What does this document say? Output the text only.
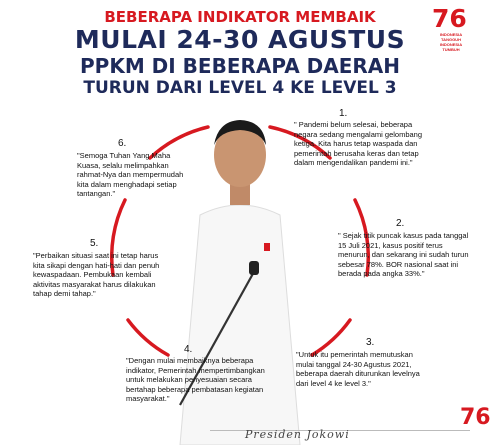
BEBERAPA INDIKATOR MEMBAIK
MULAI 24-30 AGUSTUS
PPKM DI BEBERAPA DAERAH
TURUN DARI LEVEL 4 KE LEVEL 3
76
INDONESIA
TANGGUH
INDONESIA
TUMBUH
1.
" Pandemi belum selesai, beberapa negara sedang mengalami gelombang ketiga. Kita harus tetap waspada dan pemerintah berusaha keras dan tetap dalam mengendalikan pandemi ini."
2.
" Sejak titik puncak kasus pada tanggal 15 Juli 2021, kasus positif terus menurun, dan sekarang ini sudah turun sebesar 78%. BOR nasional saat ini berada pada angka 33%."
3.
"Untuk itu pemerintah memutuskan mulai tanggal 24-30 Agustus 2021, beberapa daerah diturunkan levelnya dari level 4 ke level 3."
4.
"Dengan mulai membaiknya beberapa indikator, Pemerintah mempertimbangkan untuk melakukan penyesuaian secara bertahap beberapa pembatasan kegiatan masyarakat."
5.
"Perbaikan situasi saat ini tetap harus kita sikapi dengan hati-hati dan penuh kewaspadaan. Pembukaan kembali aktivitas masyarakat harus dilakukan tahap demi tahap."
6.
"Semoga Tuhan Yang Maha Kuasa, selalu melimpahkan rahmat-Nya dan mempermudah kita dalam menghadapi setiap tantangan."
Presiden Jokowi
76
